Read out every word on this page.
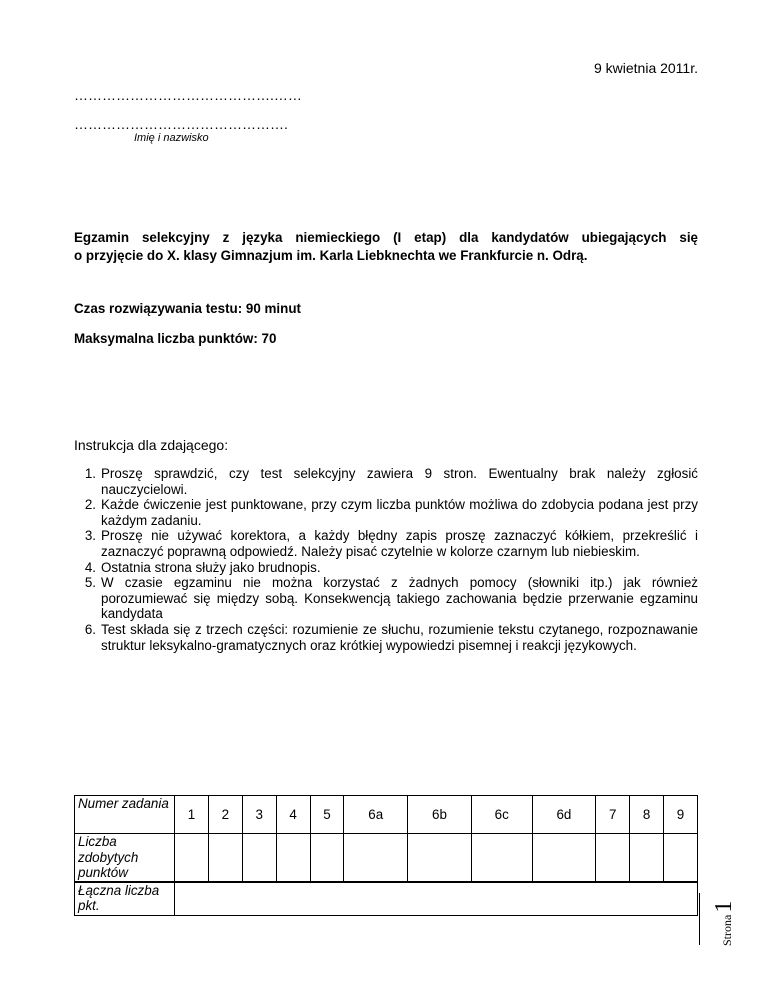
9 kwietnia 2011r.
…………………………………….……
……………………………………….
Imię i nazwisko
Egzamin selekcyjny z języka niemieckiego (I etap) dla kandydatów ubiegających się
o przyjęcie do X. klasy Gimnazjum im. Karla Liebknechta we Frankfurcie n. Odrą.
Czas rozwiązywania testu: 90 minut
Maksymalna liczba punktów: 70
Instrukcja dla zdającego:
1. Proszę sprawdzić, czy test selekcyjny zawiera 9 stron. Ewentualny brak należy zgłosić nauczycielowi.
2. Każde ćwiczenie jest punktowane, przy czym liczba punktów możliwa do zdobycia podana jest przy każdym zadaniu.
3. Proszę nie używać korektora, a każdy błędny zapis proszę zaznaczyć kółkiem, przekreślić i zaznaczyć poprawną odpowiedź. Należy pisać czytelnie w kolorze czarnym lub niebieskim.
4. Ostatnia strona służy jako brudnopis.
5. W czasie egzaminu nie można korzystać z żadnych pomocy (słowniki itp.) jak również porozumiewać się między sobą. Konsekwencją takiego zachowania będzie przerwanie egzaminu kandydata
6. Test składa się z trzech części: rozumienie ze słuchu, rozumienie tekstu czytanego, rozpoznawanie struktur leksykalno-gramatycznych oraz krótkiej wypowiedzi pisemnej i reakcji językowych.
Numer zadania	1	2	3	4	5	6a	6b	6c	6d	7	8	9
Liczba zdobytych punktów												
Łączna liczba pkt.												
Strona1
